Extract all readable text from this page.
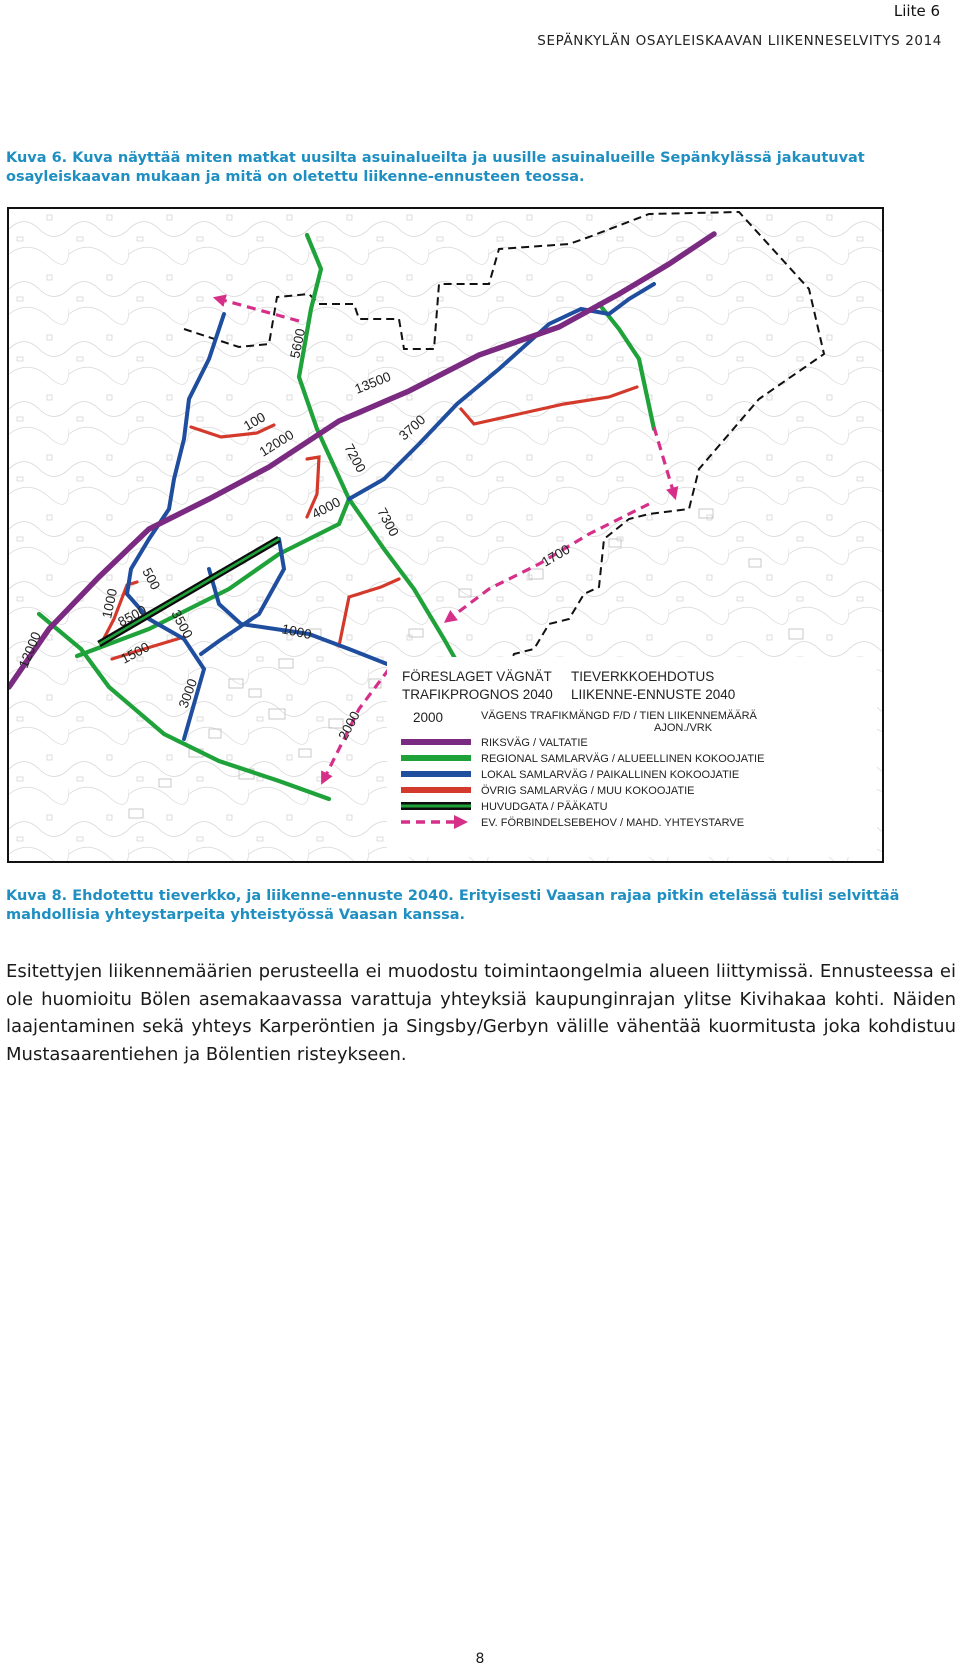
Liite 6
SEPÄNKYLÄN OSAYLEISKAAVAN LIIKENNESELVITYS 2014
Kuva 6. Kuva näyttää miten matkat uusilta asuinalueilta ja uusille asuinalueille Sepänkylässä jakautuvat osayleiskaavan mukaan ja mitä on oletettu liikenne-ennusteen teossa.
5600
100
13500
12000	3700
7200
4000 7300
1700
1000
500
8500 3500	1000
1500
12000
3000
2000
FÖRESLAGET VÄGNÄT
TRAFIKPROGNOS 2040
TIEVERKKOEHDOTUS
LIIKENNE-ENNUSTE 2040
2000	VÄGENS TRAFIKMÄNGD F/D / TIEN LIIKENNEMÄÄRÄ
AJON./VRK
RIKSVÄG / VALTATIE
REGIONAL SAMLARVÄG / ALUEELLINEN KOKOOJATIE
LOKAL SAMLARVÄG / PAIKALLINEN KOKOOJATIE
ÖVRIG SAMLARVÄG / MUU KOKOOJATIE
HUVUDGATA / PÄÄKATU
EV. FÖRBINDELSEBEHOV / MAHD. YHTEYSTARVE
Kuva 8. Ehdotettu tieverkko, ja liikenne-ennuste 2040. Erityisesti Vaasan rajaa pitkin etelässä tulisi selvittää mahdollisia yhteystarpeita yhteistyössä Vaasan kanssa.
Esitettyjen liikennemäärien perusteella ei muodostu toimintaongelmia alueen liittymissä. Ennusteessa ei ole huomioitu Bölen asemakaavassa varattuja yhteyksiä kaupunginrajan ylitse Kivihakaa kohti. Näiden laajentaminen sekä yhteys Karperöntien ja Singsby/Gerbyn välille vähentää kuormitusta joka kohdistuu Mustasaarentiehen ja Bölentien risteykseen.
8
